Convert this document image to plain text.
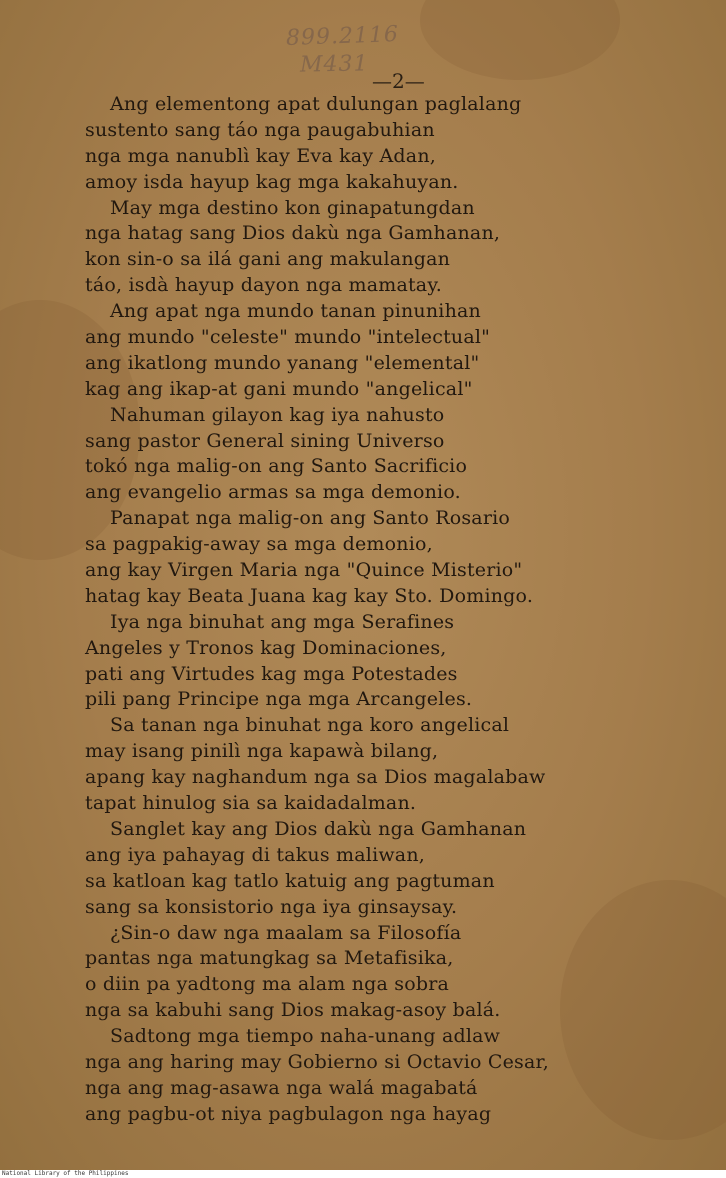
899.2116
M431
—2—
Ang elementong apat dulungan paglalang
sustento sang táo nga paugabuhian
nga mga nanublì kay Eva kay Adan,
amoy isda hayup kag mga kakahuyan.
May mga destino kon ginapatungdan
nga hatag sang Dios dakù nga Gamhanan,
kon sin-o sa ilá gani ang makulangan
táo, isdà hayup dayon nga mamatay.
Ang apat nga mundo tanan pinunihan
ang mundo "celeste" mundo "intelectual"
ang ikatlong mundo yanang "elemental"
kag ang ikap-at gani mundo "angelical"
Nahuman gilayon kag iya nahusto
sang pastor General sining Universo
tokó nga malig-on ang Santo Sacrificio
ang evangelio armas sa mga demonio.
Panapat nga malig-on ang Santo Rosario
sa pagpakig-away sa mga demonio,
ang kay Virgen Maria nga "Quince Misterio"
hatag kay Beata Juana kag kay Sto. Domingo.
Iya nga binuhat ang mga Serafines
Angeles y Tronos kag Dominaciones,
pati ang Virtudes kag mga Potestades
pili pang Principe nga mga Arcangeles.
Sa tanan nga binuhat nga koro angelical
may isang pinilì nga kapawà bilang,
apang kay naghandum nga sa Dios magalabaw
tapat hinulog sia sa kaidadalman.
Sanglet kay ang Dios dakù nga Gamhanan
ang iya pahayag di takus maliwan,
sa katloan kag tatlo katuig ang pagtuman
sang sa konsistorio nga iya ginsaysay.
¿Sin-o daw nga maalam sa Filosofía
pantas nga matungkag sa Metafisika,
o diin pa yadtong ma alam nga sobra
nga sa kabuhi sang Dios makag-asoy balá.
Sadtong mga tiempo naha-unang adlaw
nga ang haring may Gobierno si Octavio Cesar,
nga ang mag-asawa nga walá magabatá
ang pagbu-ot niya pagbulagon nga hayag
National Library of the Philippines
